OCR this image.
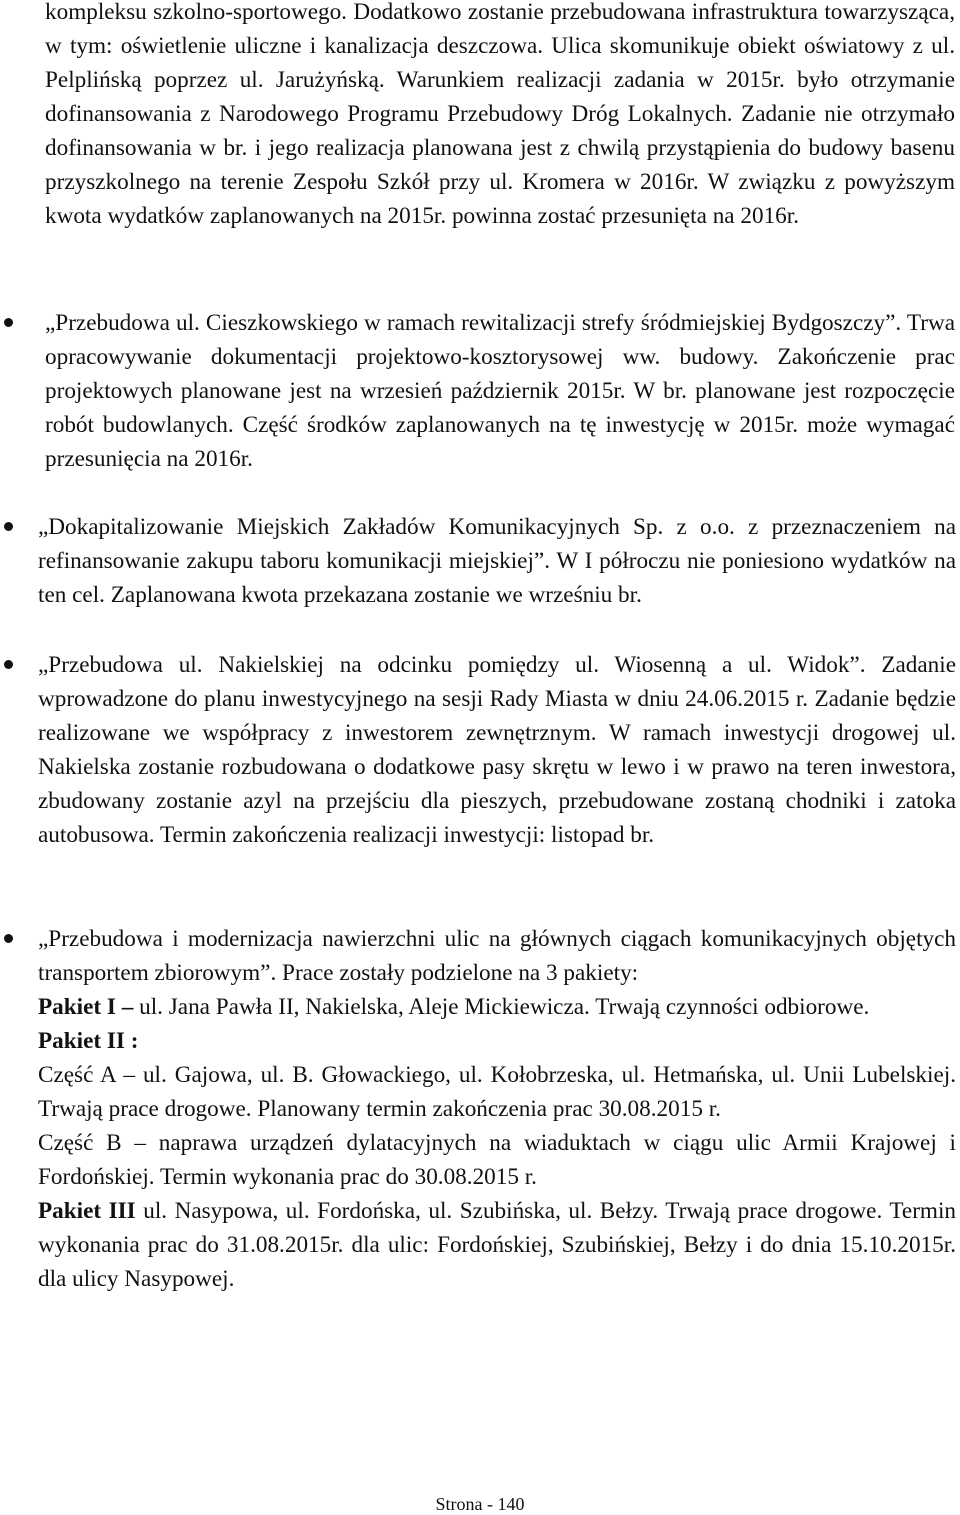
kompleksu szkolno-sportowego. Dodatkowo zostanie przebudowana infrastruktura towarzysząca, w tym: oświetlenie uliczne i kanalizacja deszczowa. Ulica skomunikuje obiekt oświatowy z ul. Pelplińską poprzez ul. Jarużyńską. Warunkiem realizacji zadania w 2015r. było otrzymanie dofinansowania z Narodowego Programu Przebudowy Dróg Lokalnych. Zadanie nie otrzymało dofinansowania w br. i jego realizacja planowana jest z chwilą przystąpienia do budowy basenu przyszkolnego na terenie Zespołu Szkół przy ul. Kromera w 2016r. W związku z powyższym kwota wydatków zaplanowanych na 2015r. powinna zostać przesunięta na 2016r.
„Przebudowa ul. Cieszkowskiego w ramach rewitalizacji strefy śródmiejskiej Bydgoszczy”. Trwa opracowywanie dokumentacji projektowo-kosztorysowej ww. budowy. Zakończenie prac projektowych planowane jest na wrzesień październik 2015r. W br. planowane jest rozpoczęcie robót budowlanych. Część środków zaplanowanych na tę inwestycję w 2015r. może wymagać przesunięcia na 2016r.
„Dokapitalizowanie Miejskich Zakładów Komunikacyjnych Sp. z o.o. z przeznaczeniem na refinansowanie zakupu taboru komunikacji miejskiej”. W I półroczu nie poniesiono wydatków na ten cel. Zaplanowana kwota przekazana zostanie we wrześniu br.
„Przebudowa ul. Nakielskiej na odcinku pomiędzy ul. Wiosenną a ul. Widok”. Zadanie wprowadzone do planu inwestycyjnego na sesji Rady Miasta w dniu 24.06.2015 r. Zadanie będzie realizowane we współpracy z inwestorem zewnętrznym. W ramach inwestycji drogowej ul. Nakielska zostanie rozbudowana o dodatkowe pasy skrętu w lewo i w prawo na teren inwestora, zbudowany zostanie azyl na przejściu dla pieszych, przebudowane zostaną chodniki i zatoka autobusowa. Termin zakończenia realizacji inwestycji: listopad br.
„Przebudowa i modernizacja nawierzchni ulic na głównych ciągach komunikacyjnych objętych transportem zbiorowym”. Prace zostały podzielone na 3 pakiety:
Pakiet I – ul. Jana Pawła II, Nakielska, Aleje Mickiewicza. Trwają czynności odbiorowe.
Pakiet II :
Część A – ul. Gajowa, ul. B. Głowackiego, ul. Kołobrzeska, ul. Hetmańska, ul. Unii Lubelskiej. Trwają prace drogowe. Planowany termin zakończenia prac 30.08.2015 r.
Część B – naprawa urządzeń dylatacyjnych na wiaduktach w ciągu ulic Armii Krajowej i Fordońskiej. Termin wykonania prac do 30.08.2015 r.
Pakiet III ul. Nasypowa, ul. Fordońska, ul. Szubińska, ul. Bełzy. Trwają prace drogowe. Termin wykonania prac do 31.08.2015r. dla ulic: Fordońskiej, Szubińskiej, Bełzy i do dnia 15.10.2015r. dla ulicy Nasypowej.
Strona - 140
